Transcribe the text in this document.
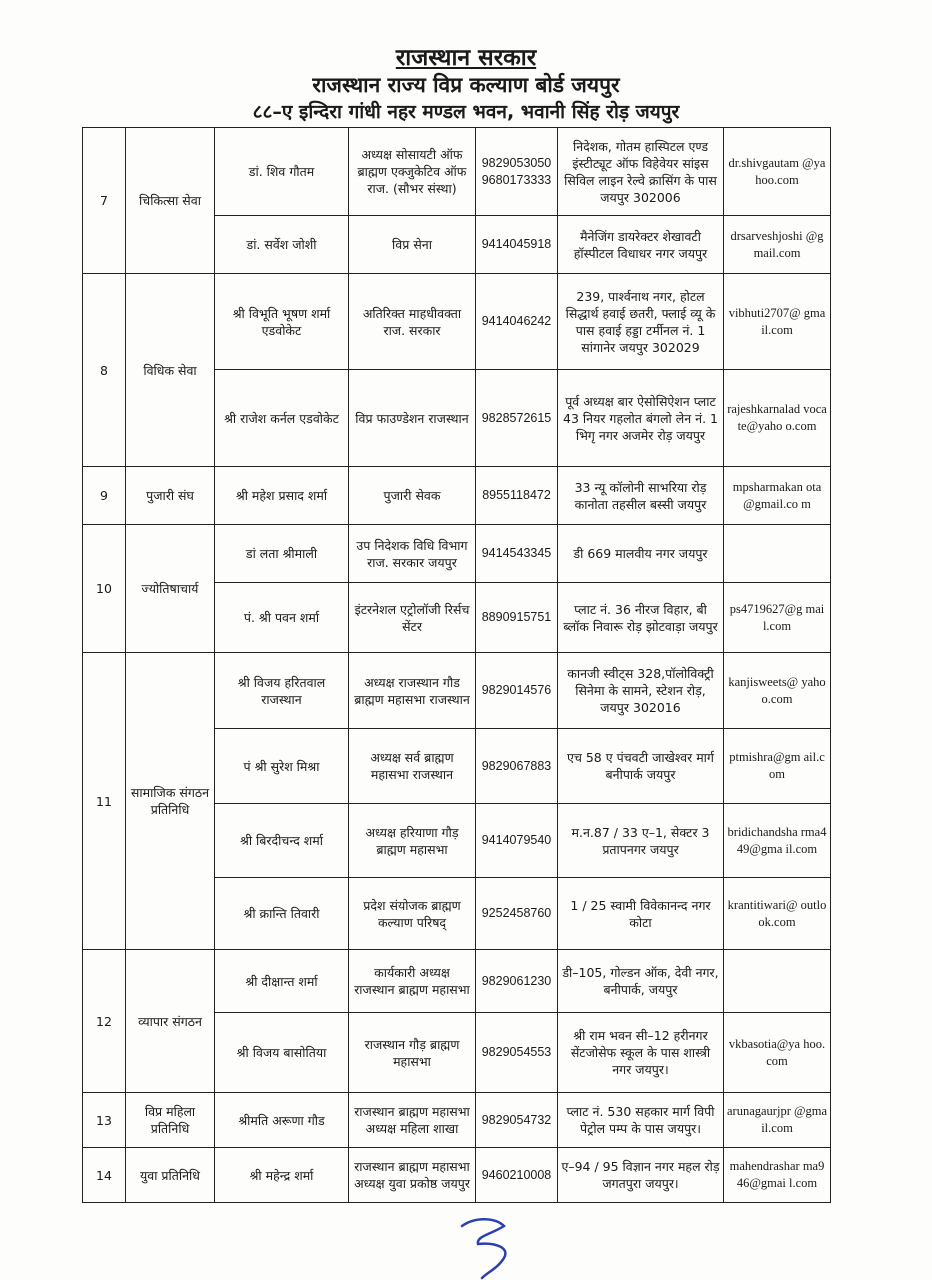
राजस्थान सरकार
राजस्थान राज्य विप्र कल्याण बोर्ड जयपुर
८८–ए इन्दिरा गांधी नहर मण्डल भवन, भवानी सिंह रोड़ जयपुर
7	चिकित्सा सेवा	डां. शिव गौतम	अध्यक्ष सोसायटी ऑफ ब्राह्मण एक्जुकेटिव ऑफ राज. (सौभर संस्था)	9829053050 9680173333	निदेशक, गोतम हास्पिटल एण्ड इंस्टीट्यूट ऑफ विहेवेयर सांइस सिविल लाइन रेल्वे क्रासिंग के पास जयपुर 302006	dr.shivgautam @yahoo.com
		डां. सर्वेश जोशी	विप्र सेना	9414045918	मैनेजिंग डायरेक्टर शेखावटी हॉस्पीटल विधाधर नगर जयपुर	drsarveshjoshi @gmail.com
8	विधिक सेवा	श्री विभूति भूषण शर्मा एडवोकेट	अतिरिक्त माहधीवक्ता राज. सरकार	9414046242	239, पार्श्वनाथ नगर, होटल सिद्धार्थ हवाई छतरी, फ्लाई व्यू के पास हवाई हड्डा टर्मीनल नं. 1 सांगानेर जयपुर 302029	vibhuti2707@ gmail.com
		श्री राजेश कर्नल एडवोकेट	विप्र फाउण्डेशन राजस्थान	9828572615	पूर्व अध्यक्ष बार ऐसोसिऐशन प्लाट 43 नियर गहलोत बंगलो लेन नं. 1 भिगृ नगर अजमेर रोड़ जयपुर	rajeshkarnalad vocate@yaho o.com
9	पुजारी संघ	श्री महेश प्रसाद शर्मा	पुजारी सेवक	8955118472	33 न्यू कॉलोनी साभरिया रोड़ कानोता तहसील बस्सी जयपुर	mpsharmakan ota@gmail.co m
10	ज्योतिषाचार्य	डां लता श्रीमाली	उप निदेशक विधि विभाग राज. सरकार जयपुर	9414543345	डी 669 मालवीय नगर जयपुर	
		पं. श्री पवन शर्मा	इंटरनेशल एट्रोलॉजी रिर्सच सेंटर	8890915751	प्लाट नं. 36 नीरज विहार, बी ब्लॉक निवारू रोड़ झोटवाड़ा जयपुर	ps4719627@g mail.com
11	सामाजिक संगठन प्रतिनिधि	श्री विजय हरितवाल राजस्थान	अध्यक्ष राजस्थान गौड ब्राह्मण महासभा राजस्थान	9829014576	कानजी स्वीट्स 328,पॉलोविक्ट्री सिनेमा के सामने, स्टेशन रोड़, जयपुर 302016	kanjisweets@ yahoo.com
		पं श्री सुरेश मिश्रा	अध्यक्ष सर्व ब्राह्मण महासभा राजस्थान	9829067883	एच 58 ए पंचवटी जाखेश्वर मार्ग बनीपार्क जयपुर	ptmishra@gm ail.com
		श्री बिरदीचन्द शर्मा	अध्यक्ष हरियाणा गौड़ ब्राह्मण महासभा	9414079540	म.न.87 / 33 ए–1, सेक्टर 3 प्रतापनगर जयपुर	bridichandsha rma449@gma il.com
		श्री क्रान्ति तिवारी	प्रदेश संयोजक ब्राह्मण कल्याण परिषद्	9252458760	1 / 25 स्वामी विवेकानन्द नगर कोटा	krantitiwari@ outlook.com
12	व्यापार संगठन	श्री दीक्षान्त शर्मा	कार्यकारी अध्यक्ष राजस्थान ब्राह्मण महासभा	9829061230	डी–105, गोल्डन ऑक, देवी नगर, बनीपार्क, जयपुर	
		श्री विजय बासोतिया	राजस्थान गौड़ ब्राह्मण महासभा	9829054553	श्री राम भवन सी–12 हरीनगर सेंटजोसेफ स्कूल के पास शास्त्री नगर जयपुर।	vkbasotia@ya hoo.com
13	विप्र महिला प्रतिनिधि	श्रीमति अरूणा गौड	राजस्थान ब्राह्मण महासभा अध्यक्ष महिला शाखा	9829054732	प्लाट नं. 530 सहकार मार्ग विपी पेट्रोल पम्प के पास जयपुर।	arunagaurjpr @gmail.com
14	युवा प्रतिनिधि	श्री महेन्द्र शर्मा	राजस्थान ब्राह्मण महासभा अध्यक्ष युवा प्रकोष्ठ जयपुर	9460210008	ए–94 / 95 विज्ञान नगर महल रोड़ जगतपुरा जयपुर।	mahendrashar ma946@gmai l.com
